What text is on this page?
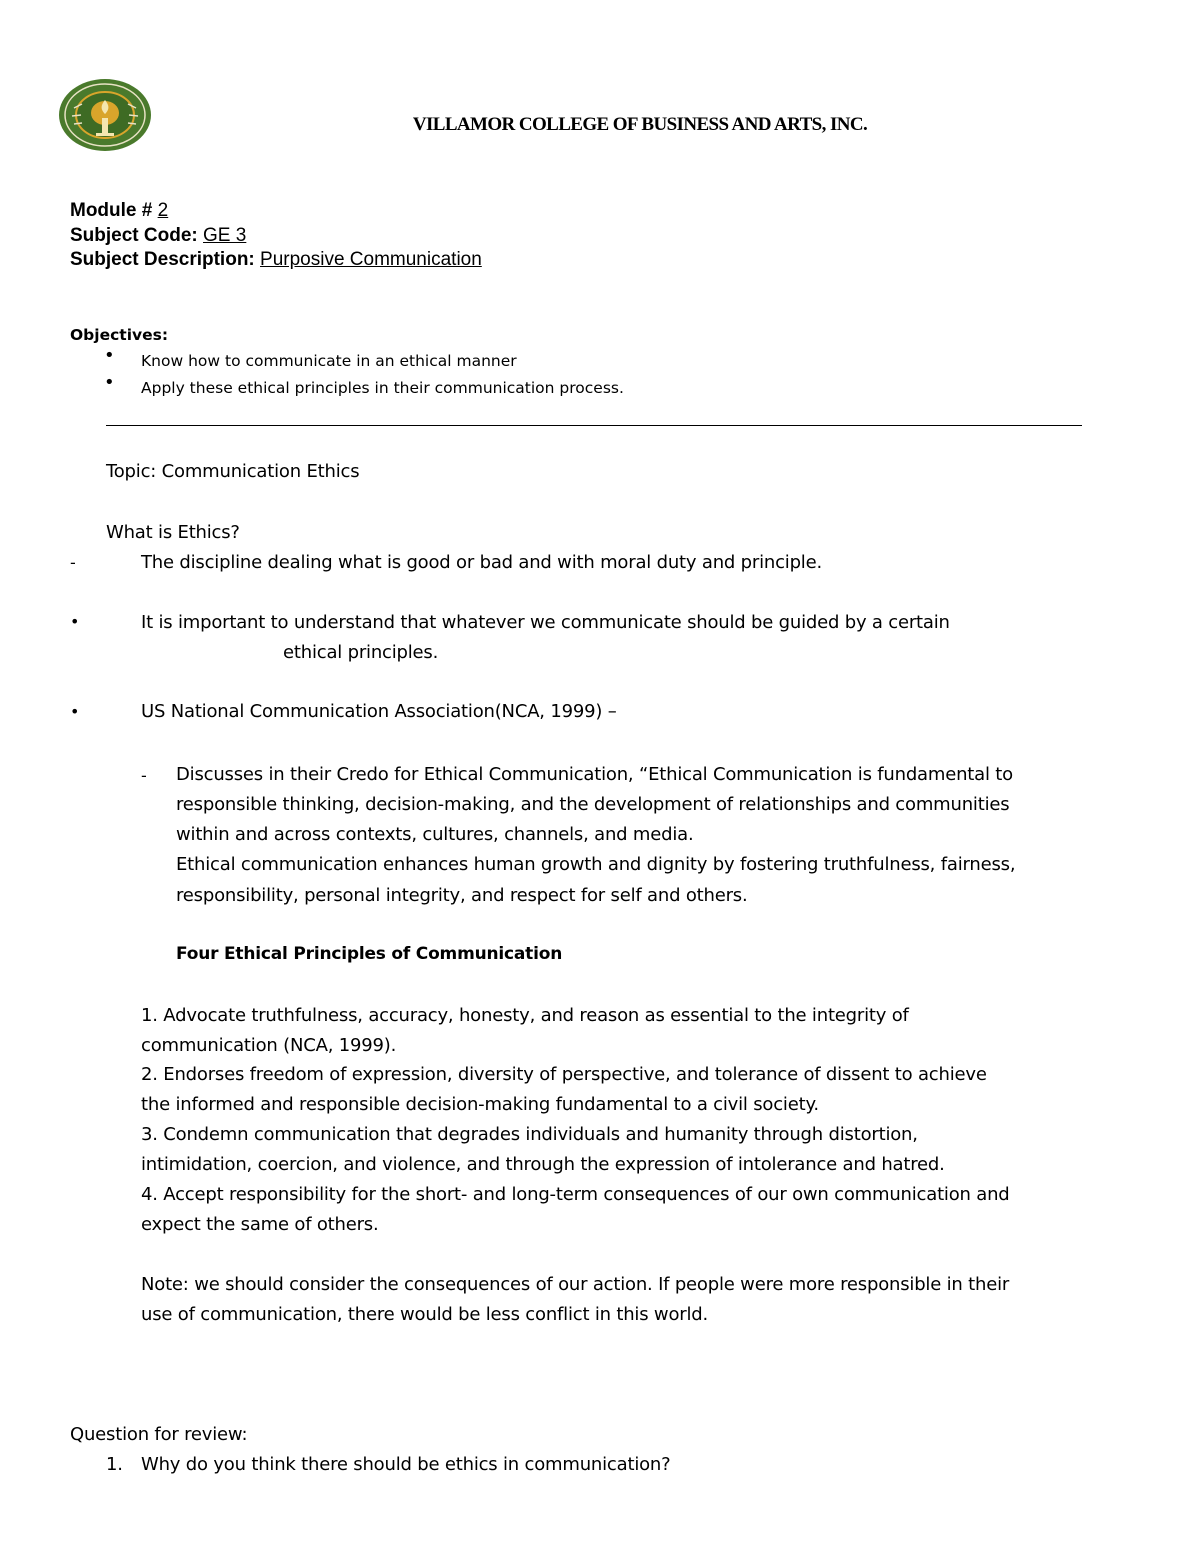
VILLAMOR COLLEGE OF BUSINESS AND ARTS, INC.
Module # 2
Subject Code: GE 3
Subject Description: Purposive Communication
Objectives:
• Know how to communicate in an ethical manner
• Apply these ethical principles in their communication process.
Topic: Communication Ethics
What is Ethics?
-	The discipline dealing what is good or bad and with moral duty and principle.
•	It is important to understand that whatever we communicate should be guided by a certain
ethical principles.
•	US National Communication Association(NCA, 1999) –
- Discusses in their Credo for Ethical Communication, “Ethical Communication is fundamental to
responsible thinking, decision-making, and the development of relationships and communities
within and across contexts, cultures, channels, and media.
Ethical communication enhances human growth and dignity by fostering truthfulness, fairness,
responsibility, personal integrity, and respect for self and others.
Four Ethical Principles of Communication
1. Advocate truthfulness, accuracy, honesty, and reason as essential to the integrity of
communication (NCA, 1999).
2. Endorses freedom of expression, diversity of perspective, and tolerance of dissent to achieve
the informed and responsible decision-making fundamental to a civil society.
3. Condemn communication that degrades individuals and humanity through distortion,
intimidation, coercion, and violence, and through the expression of intolerance and hatred.
4. Accept responsibility for the short- and long-term consequences of our own communication and
expect the same of others.
Note: we should consider the consequences of our action. If people were more responsible in their
use of communication, there would be less conflict in this world.
Question for review:
1. Why do you think there should be ethics in communication?
